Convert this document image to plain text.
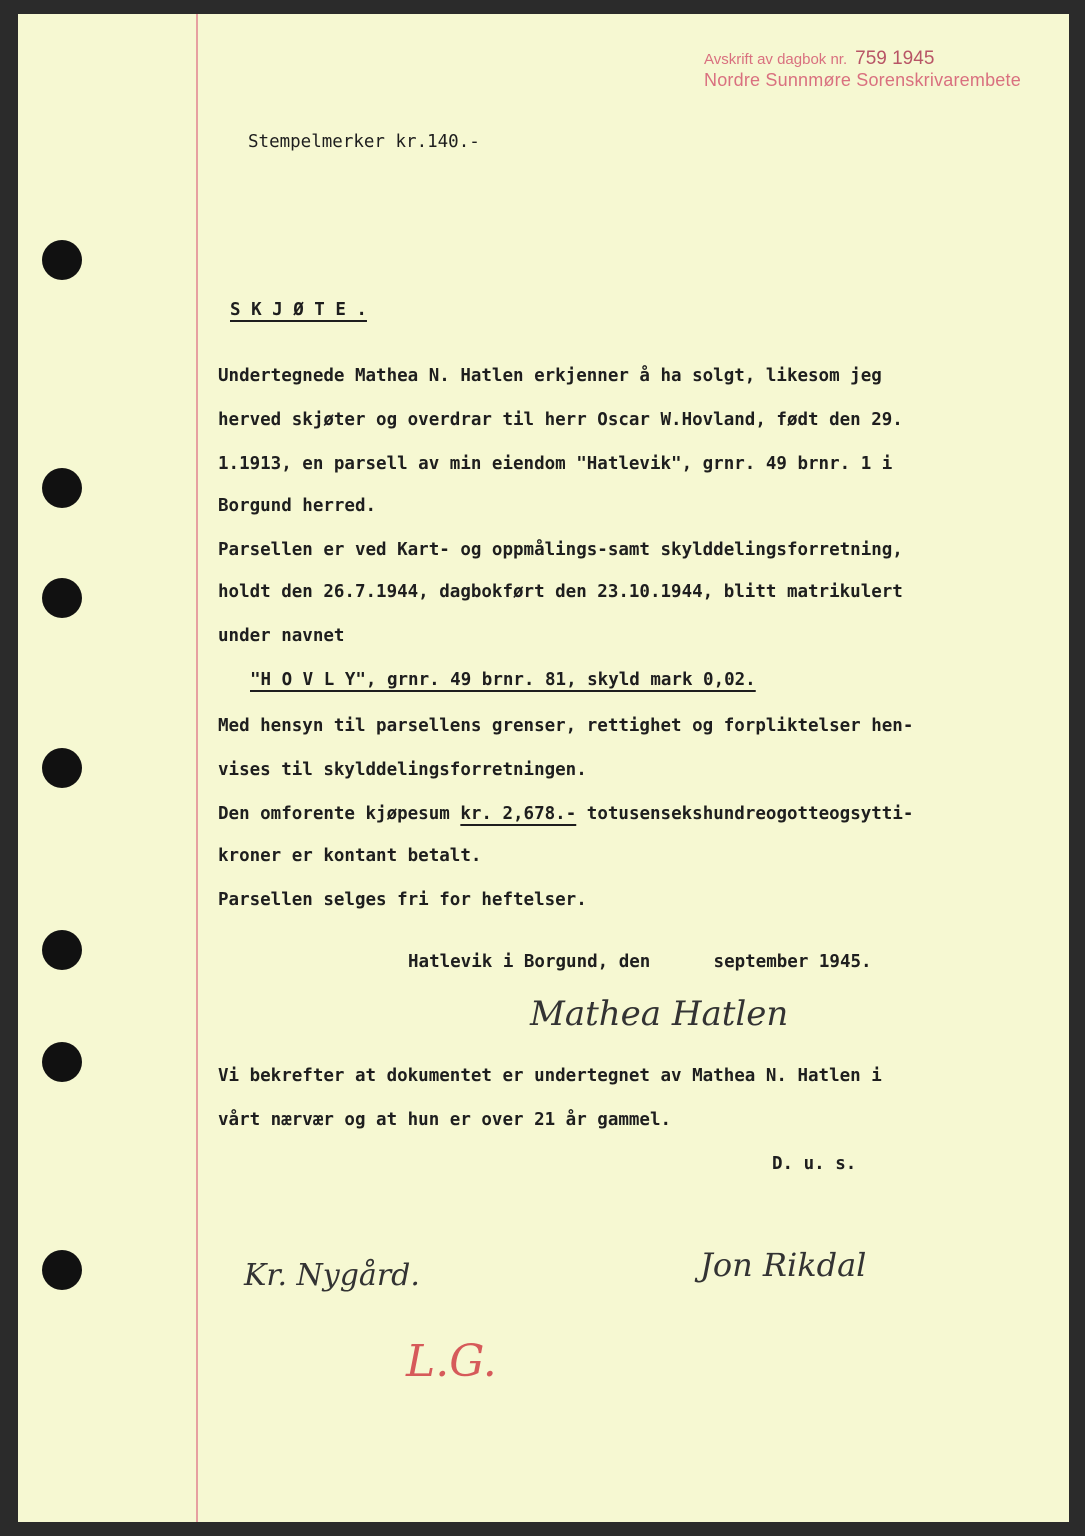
Avskrift av dagbok nr. 759 1945
Nordre Sunnmøre Sorenskrivarembete
Stempelmerker kr.140.-
S K J Ø T E .
Undertegnede Mathea N. Hatlen erkjenner å ha solgt, likesom jeg
herved skjøter og overdrar til herr Oscar W.Hovland, født den 29.
1.1913, en parsell av min eiendom "Hatlevik", grnr. 49 brnr. 1 i
Borgund herred.
Parsellen er ved Kart- og oppmålings-samt skylddelingsforretning,
holdt den 26.7.1944, dagbokført den 23.10.1944, blitt matrikulert
under navnet
"H O V L Y", grnr. 49 brnr. 81, skyld mark 0,02.
Med hensyn til parsellens grenser, rettighet og forpliktelser hen-
vises til skylddelingsforretningen.
Den omforente kjøpesum kr. 2,678.- totusensekshundreogotteogsytti-
kroner er kontant betalt.
Parsellen selges fri for heftelser.
Hatlevik i Borgund, den      september 1945.
Mathea Hatlen
Vi bekrefter at dokumentet er undertegnet av Mathea N. Hatlen i
vårt nærvær og at hun er over 21 år gammel.
D. u. s.
Kr. Nygård.	Jon Rikdal
L.G.
